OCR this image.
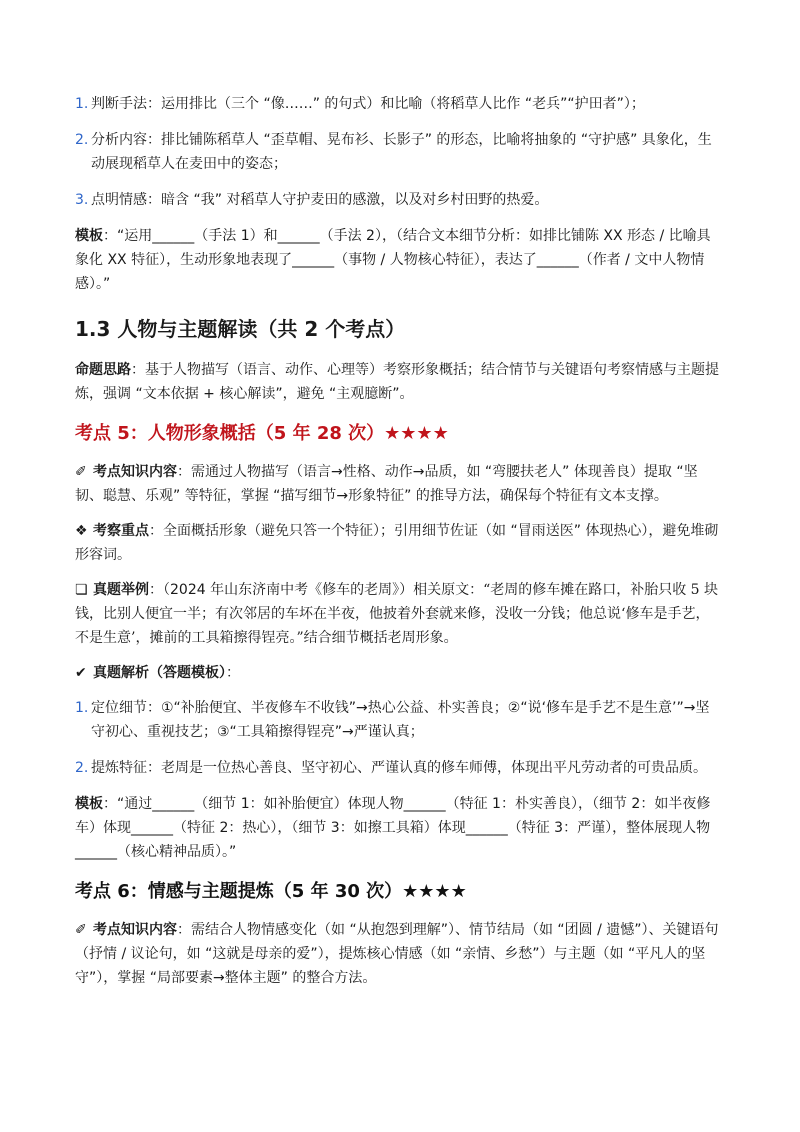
1. 判断手法：运用排比（三个 “像……” 的句式）和比喻（将稻草人比作 “老兵”“护田者”）；
2. 分析内容：排比铺陈稻草人 “歪草帽、晃布衫、长影子” 的形态，比喻将抽象的 “守护感” 具象化，生动展现稻草人在麦田中的姿态；
3. 点明情感：暗含 “我” 对稻草人守护麦田的感激，以及对乡村田野的热爱。

模板：“运用______（手法 1）和______（手法 2），（结合文本细节分析：如排比铺陈 XX 形态 / 比喻具象化 XX 特征），生动形象地表现了______（事物 / 人物核心特征），表达了______（作者 / 文中人物情感）。”

1.3 人物与主题解读（共 2 个考点）

命题思路：基于人物描写（语言、动作、心理等）考察形象概括；结合情节与关键语句考察情感与主题提炼，强调 “文本依据 + 核心解读”，避免 “主观臆断”。

考点 5：人物形象概括（5 年 28 次）★★★★

✐ 考点知识内容：需通过人物描写（语言→性格、动作→品质，如 “弯腰扶老人” 体现善良）提取 “坚韧、聪慧、乐观” 等特征，掌握 “描写细节→形象特征” 的推导方法，确保每个特征有文本支撑。

❖ 考察重点：全面概括形象（避免只答一个特征）；引用细节佐证（如 “冒雨送医” 体现热心），避免堆砌形容词。

❏ 真题举例：（2024 年山东济南中考《修车的老周》）相关原文：“老周的修车摊在路口，补胎只收 5 块钱，比别人便宜一半；有次邻居的车坏在半夜，他披着外套就来修，没收一分钱；他总说‘修车是手艺，不是生意’，摊前的工具箱擦得锃亮。”结合细节概括老周形象。

✔ 真题解析（答题模板）：

1. 定位细节：①“补胎便宜、半夜修车不收钱”→热心公益、朴实善良；②“说‘修车是手艺不是生意’”→坚守初心、重视技艺；③“工具箱擦得锃亮”→严谨认真；
2. 提炼特征：老周是一位热心善良、坚守初心、严谨认真的修车师傅，体现出平凡劳动者的可贵品质。

模板：“通过______（细节 1：如补胎便宜）体现人物______（特征 1：朴实善良），（细节 2：如半夜修车）体现______（特征 2：热心），（细节 3：如擦工具箱）体现______（特征 3：严谨），整体展现人物______（核心精神品质）。”

考点 6：情感与主题提炼（5 年 30 次）★★★★

✐ 考点知识内容：需结合人物情感变化（如 “从抱怨到理解”）、情节结局（如 “团圆 / 遗憾”）、关键语句（抒情 / 议论句，如 “这就是母亲的爱”），提炼核心情感（如 “亲情、乡愁”）与主题（如 “平凡人的坚守”），掌握 “局部要素→整体主题” 的整合方法。
